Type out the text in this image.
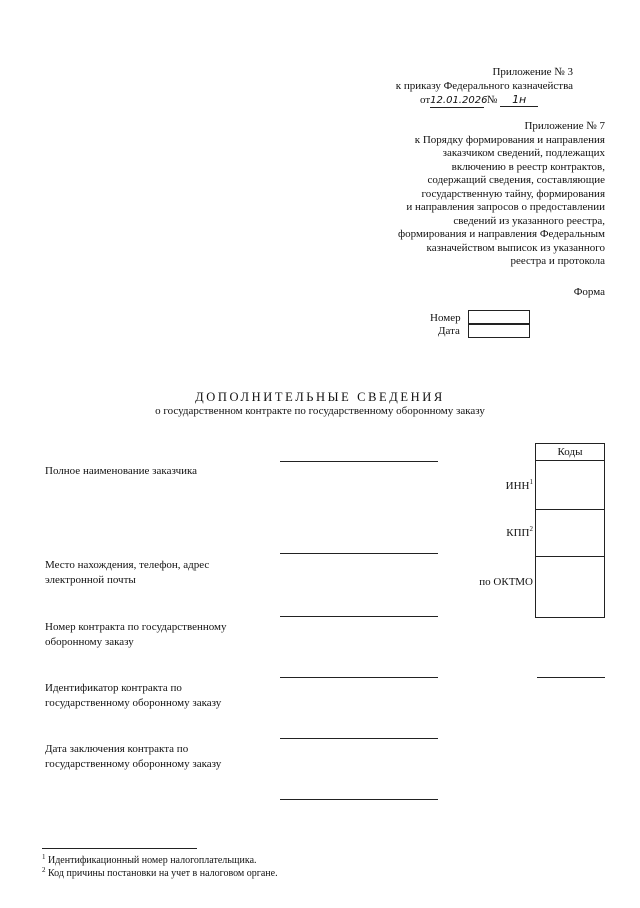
Приложение № 3
к приказу Федерального казначейства
от12.01.2026 № 1н
Приложение № 7
к Порядку формирования и направления
заказчиком сведений, подлежащих
включению в реестр контрактов,
содержащий сведения, составляющие
государственную тайну, формирования
и направления запросов о предоставлении
сведений из указанного реестра,
формирования и направления Федеральным
казначейством выписок из указанного
реестра и протокола
Форма
Номер
Дата
ДОПОЛНИТЕЛЬНЫЕ СВЕДЕНИЯ
о государственном контракте по государственному оборонному заказу
Полное наименование заказчика
Место нахождения, телефон, адрес
электронной почты
Номер контракта по государственному
оборонному заказу
Идентификатор контракта по
государственному оборонному заказу
Дата заключения контракта по
государственному оборонному заказу
Коды

ИНН$^1$
КПП$^2$
по ОКТМО
$^1$ Идентификационный номер налогоплательщика.
$^2$ Код причины постановки на учет в налоговом органе.
